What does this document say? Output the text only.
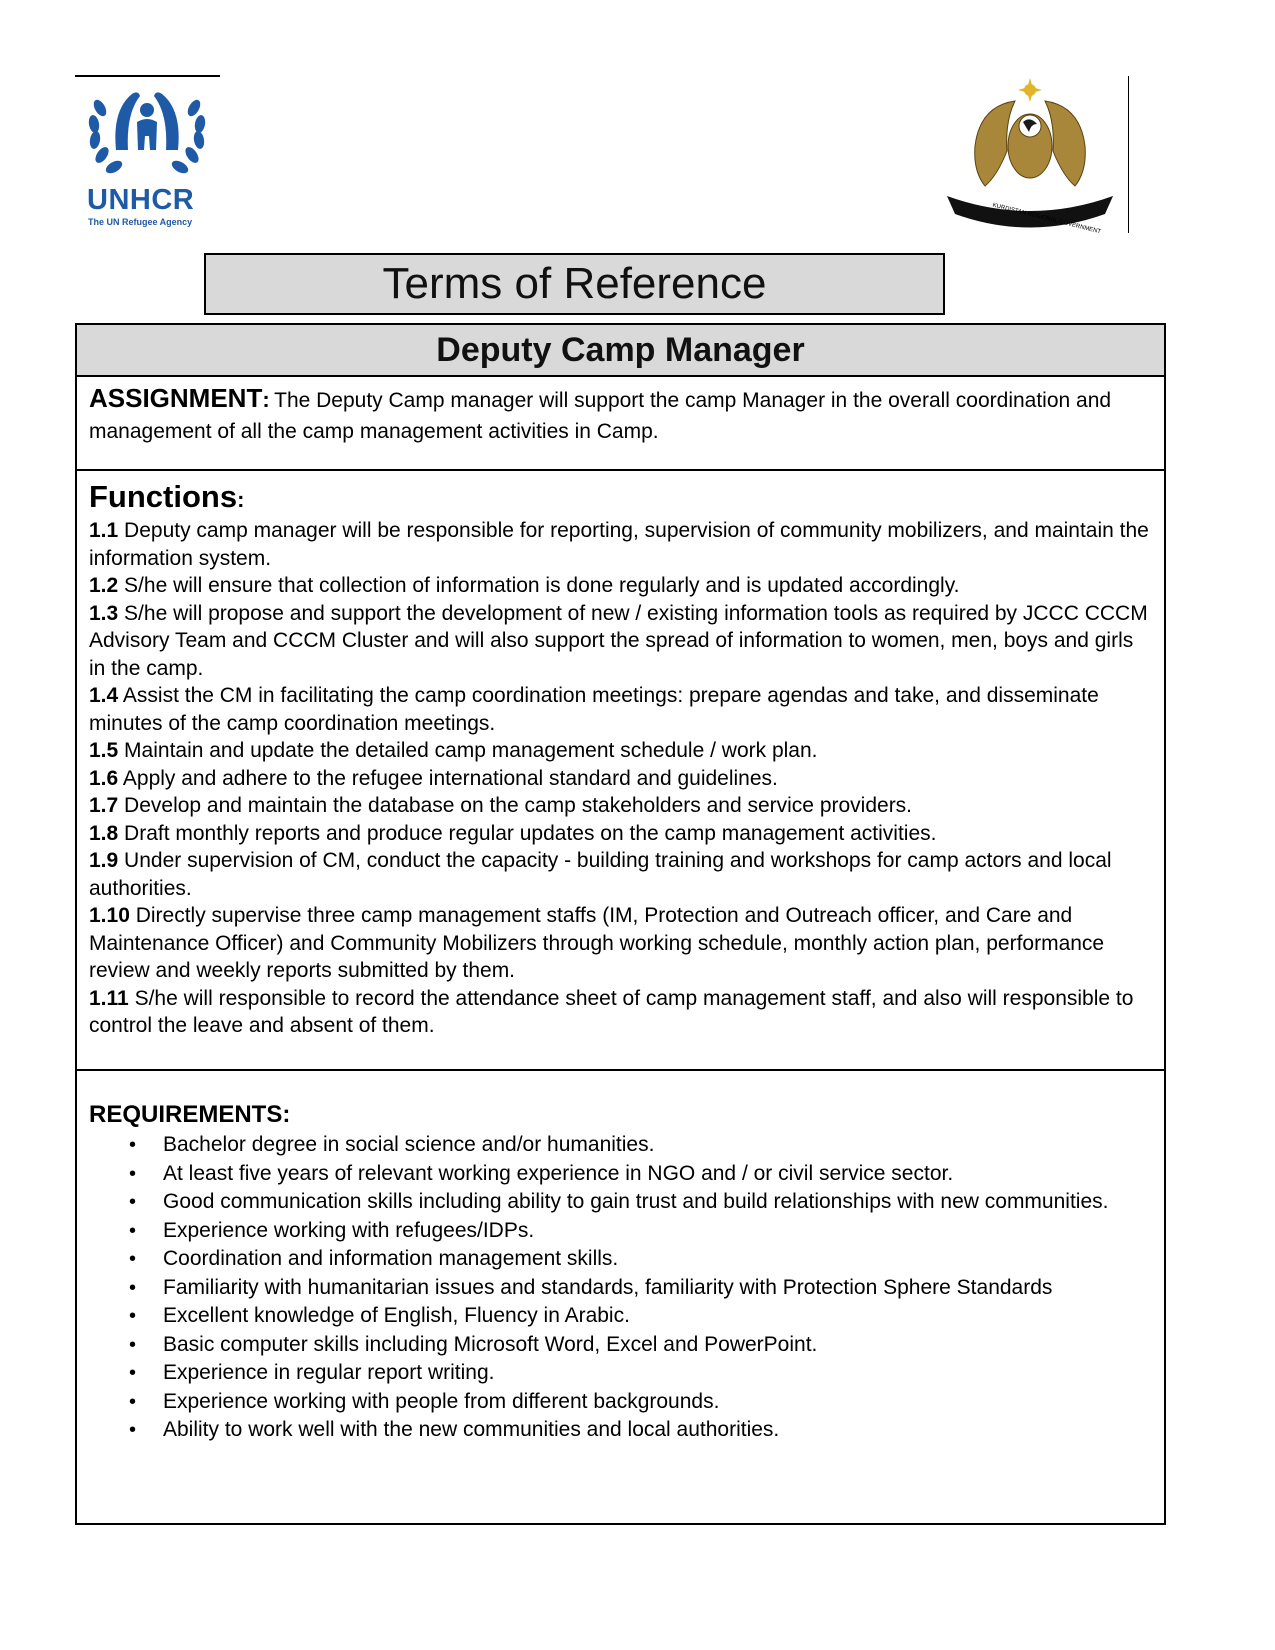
UNHCR
The UN Refugee Agency	KURDISTAN REGIONAL GOVERNMENT
Terms of Reference
Deputy Camp Manager
ASSIGNMENT: The Deputy Camp manager will support the camp Manager in the overall coordination and management of all the camp management activities in Camp.
Functions:
1.1 Deputy camp manager will be responsible for reporting, supervision of community mobilizers, and maintain the information system.
1.2 S/he will ensure that collection of information is done regularly and is updated accordingly.
1.3 S/he will propose and support the development of new / existing information tools as required by JCCC CCCM Advisory Team and CCCM Cluster and will also support the spread of information to women, men, boys and girls in the camp.
1.4 Assist the CM in facilitating the camp coordination meetings: prepare agendas and take, and disseminate minutes of the camp coordination meetings.
1.5 Maintain and update the detailed camp management schedule / work plan.
1.6 Apply and adhere to the refugee international standard and guidelines.
1.7 Develop and maintain the database on the camp stakeholders and service providers.
1.8 Draft monthly reports and produce regular updates on the camp management activities.
1.9 Under supervision of CM, conduct the capacity - building training and workshops for camp actors and local authorities.
1.10 Directly supervise three camp management staffs (IM, Protection and Outreach officer, and Care and Maintenance Officer) and Community Mobilizers through working schedule, monthly action plan, performance review and weekly reports submitted by them.
1.11 S/he will responsible to record the attendance sheet of camp management staff, and also will responsible to control the leave and absent of them.
REQUIREMENTS:
• Bachelor degree in social science and/or humanities.
• At least five years of relevant working experience in NGO and / or civil service sector.
• Good communication skills including ability to gain trust and build relationships with new communities.
• Experience working with refugees/IDPs.
• Coordination and information management skills.
• Familiarity with humanitarian issues and standards, familiarity with Protection Sphere Standards
• Excellent knowledge of English, Fluency in Arabic.
• Basic computer skills including Microsoft Word, Excel and PowerPoint.
• Experience in regular report writing.
• Experience working with people from different backgrounds.
• Ability to work well with the new communities and local authorities.
